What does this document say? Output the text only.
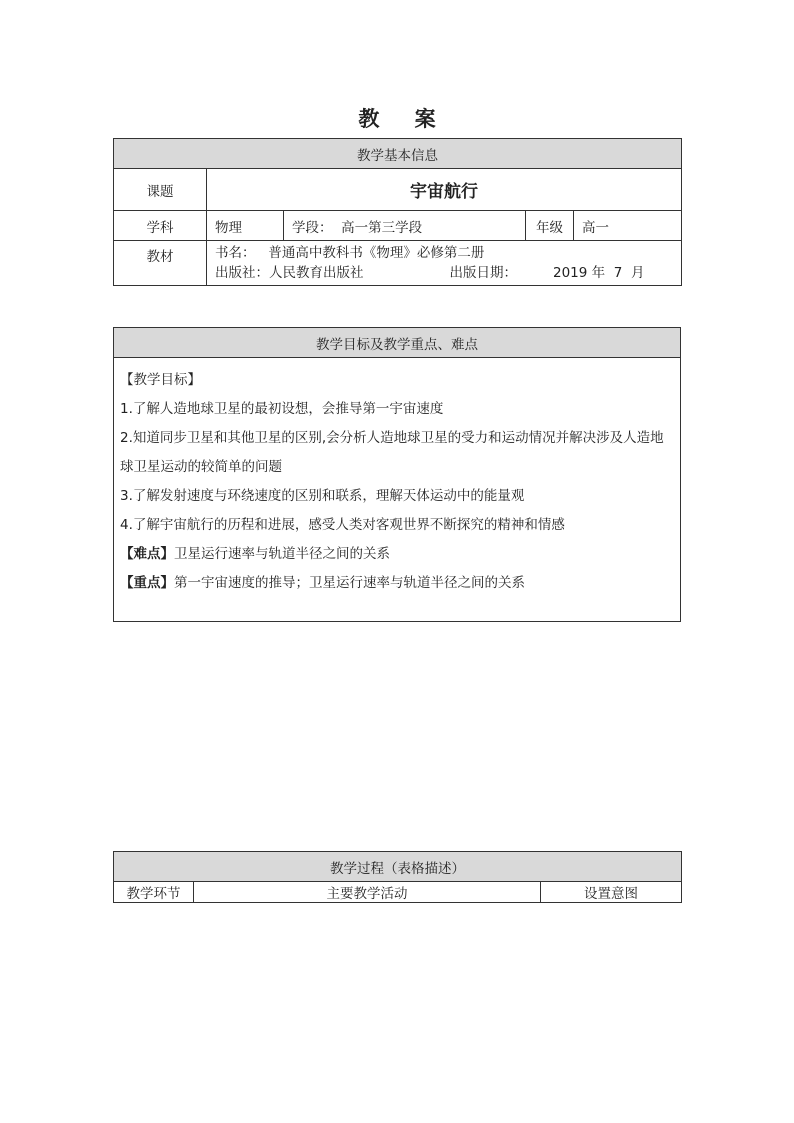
教 案
教学基本信息				
课题	宇宙航行			
学科	物理	学段： 高一第三学段	年级	高一
教材	书名： 普通高中教科书《物理》必修第二册
出版社：人民教育出版社 出版日期： 2019 年 7 月			
教学目标及教学重点、难点

【教学目标】

1.了解人造地球卫星的最初设想，会推导第一宇宙速度

2.知道同步卫星和其他卫星的区别,会分析人造地球卫星的受力和运动情况并解决涉及人造地球卫星运动的较简单的问题

3.了解发射速度与环绕速度的区别和联系，理解天体运动中的能量观

4.了解宇宙航行的历程和进展，感受人类对客观世界不断探究的精神和情感

【难点】卫星运行速率与轨道半径之间的关系

【重点】第一宇宙速度的推导；卫星运行速率与轨道半径之间的关系

教学过程（表格描述）
教学环节	主要教学活动	设置意图
